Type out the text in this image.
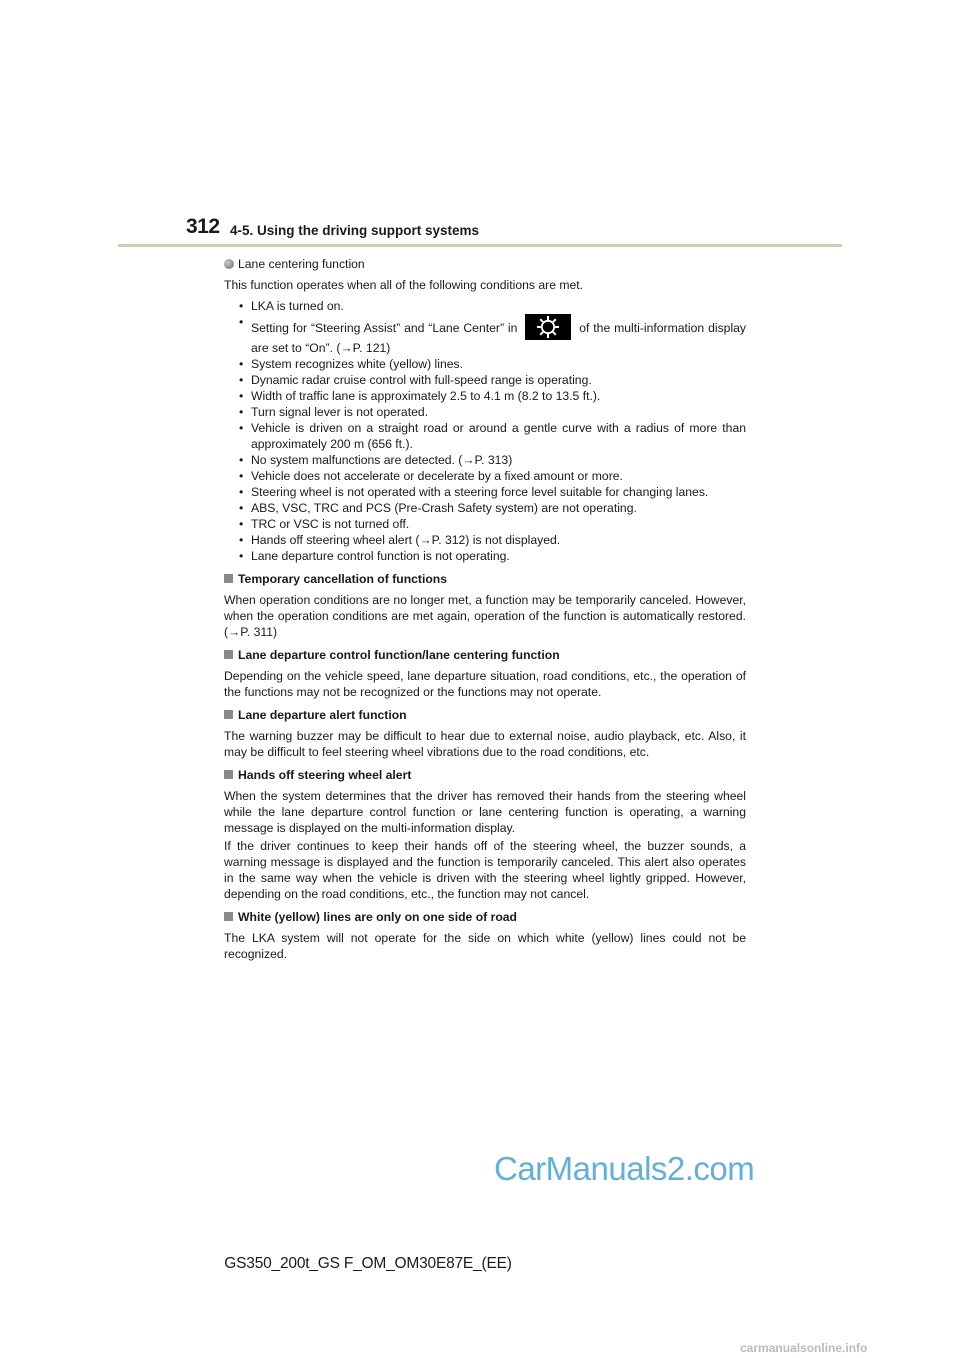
312 4-5. Using the driving support systems
Lane centering function
This function operates when all of the following conditions are met.
• LKA is turned on.
• Setting for “Steering Assist” and “Lane Center” in	of the multi-information display are set to “On”. (→P. 121)
• System recognizes white (yellow) lines.
• Dynamic radar cruise control with full-speed range is operating.
• Width of traffic lane is approximately 2.5 to 4.1 m (8.2 to 13.5 ft.).
• Turn signal lever is not operated.
• Vehicle is driven on a straight road or around a gentle curve with a radius of more than approximately 200 m (656 ft.).
• No system malfunctions are detected. (→P. 313)
• Vehicle does not accelerate or decelerate by a fixed amount or more.
• Steering wheel is not operated with a steering force level suitable for changing lanes.
• ABS, VSC, TRC and PCS (Pre-Crash Safety system) are not operating.
• TRC or VSC is not turned off.
• Hands off steering wheel alert (→P. 312) is not displayed.
• Lane departure control function is not operating.
Temporary cancellation of functions
When operation conditions are no longer met, a function may be temporarily canceled. However, when the operation conditions are met again, operation of the function is automatically restored. (→P. 311)
Lane departure control function/lane centering function
Depending on the vehicle speed, lane departure situation, road conditions, etc., the operation of the functions may not be recognized or the functions may not operate.
Lane departure alert function
The warning buzzer may be difficult to hear due to external noise, audio playback, etc. Also, it may be difficult to feel steering wheel vibrations due to the road conditions, etc.
Hands off steering wheel alert
When the system determines that the driver has removed their hands from the steering wheel while the lane departure control function or lane centering function is operating, a warning message is displayed on the multi-information display.
If the driver continues to keep their hands off of the steering wheel, the buzzer sounds, a warning message is displayed and the function is temporarily canceled. This alert also operates in the same way when the vehicle is driven with the steering wheel lightly gripped. However, depending on the road conditions, etc., the function may not cancel.
White (yellow) lines are only on one side of road
The LKA system will not operate for the side on which white (yellow) lines could not be recognized.
CarManuals2.com
GS350_200t_GS F_OM_OM30E87E_(EE)
carmanualsonline.info
